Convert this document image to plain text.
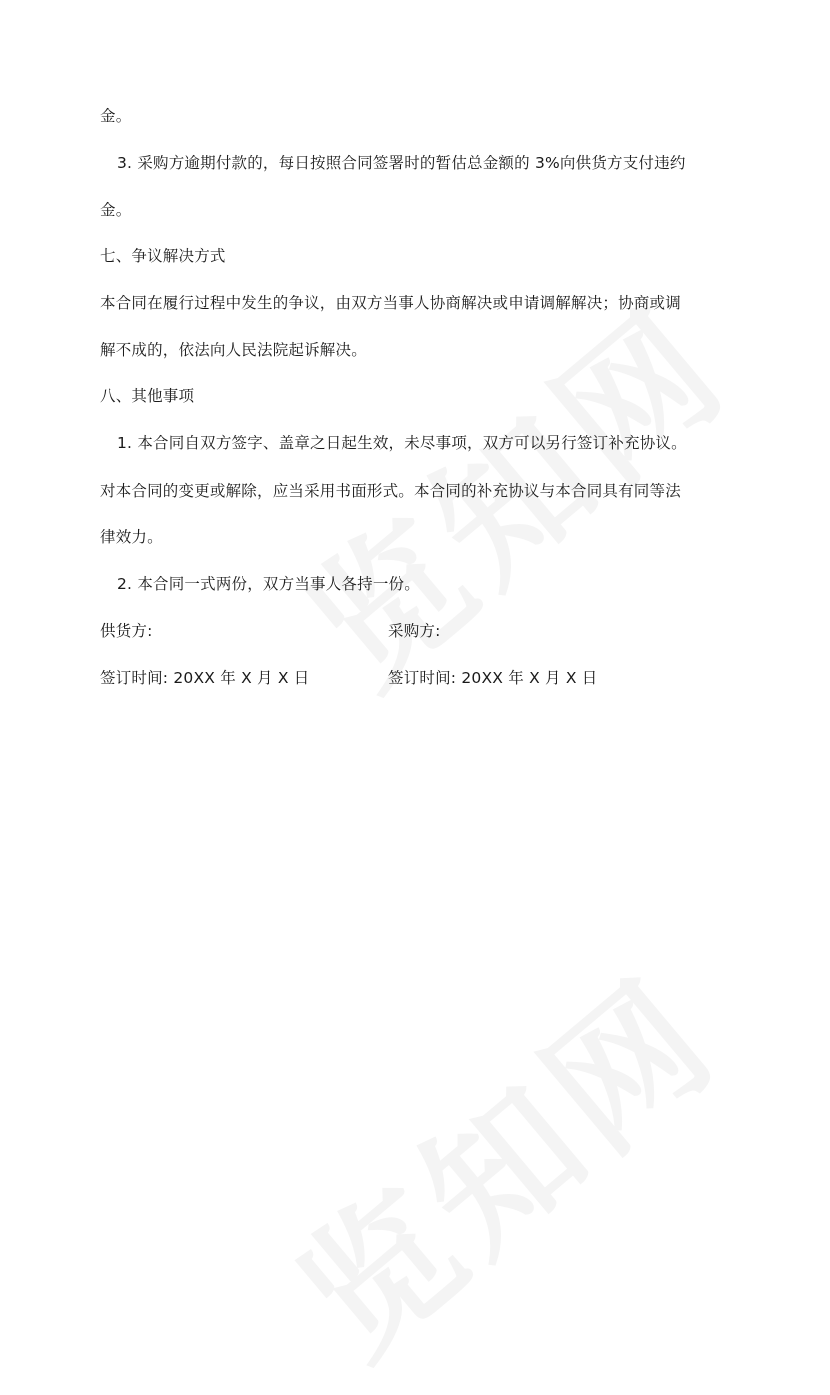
金。
3. 采购方逾期付款的，每日按照合同签署时的暂估总金额的 3%向供货方支付违约
金。
七、争议解决方式
本合同在履行过程中发生的争议，由双方当事人协商解决或申请调解解决；协商或调
解不成的，依法向人民法院起诉解决。
八、其他事项
1. 本合同自双方签字、盖章之日起生效，未尽事项，双方可以另行签订补充协议。
对本合同的变更或解除，应当采用书面形式。本合同的补充协议与本合同具有同等法
律效力。
2. 本合同一式两份，双方当事人各持一份。
供货方:	采购方:
签订时间: 20XX 年 X 月 X 日	签订时间: 20XX 年 X 月 X 日
